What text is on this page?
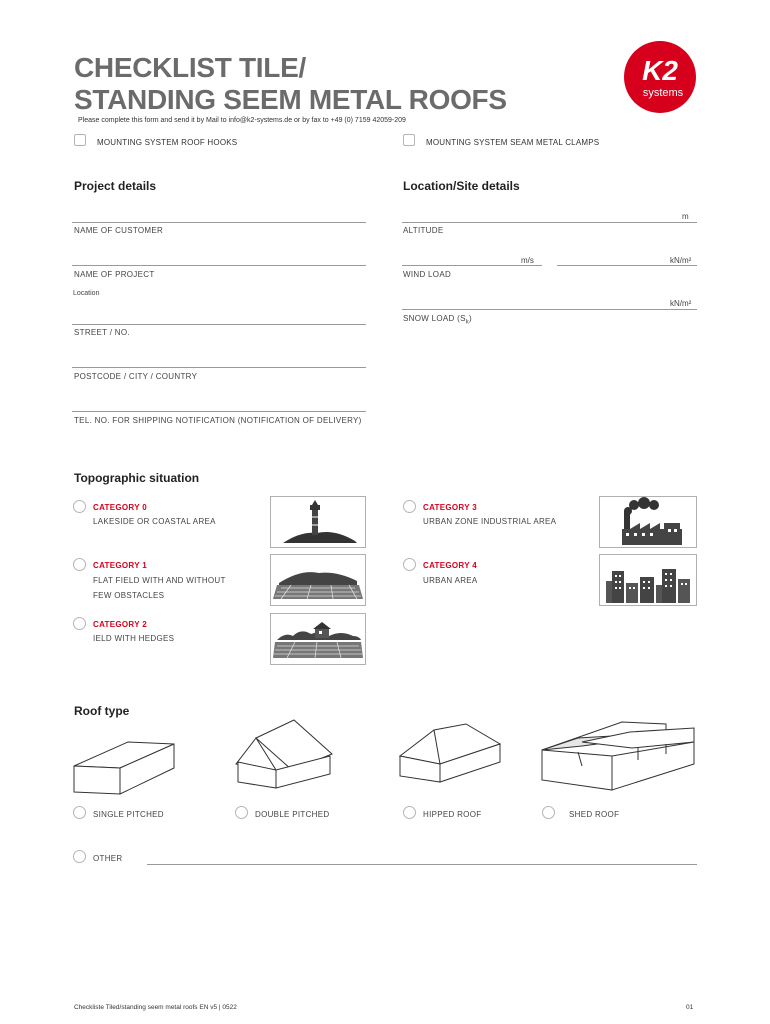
CHECKLIST TILE/
STANDING SEEM METAL ROOFS
Please complete this form and send it by Mail to info@k2-systems.de or by fax to +49 (0) 7159 42059-209
K2
systems
MOUNTING SYSTEM ROOF HOOKS	MOUNTING SYSTEM SEAM METAL CLAMPS
Project details
NAME OF CUSTOMER
NAME OF PROJECT
Location
STREET / NO.
POSTCODE / CITY / COUNTRY
TEL. NO. FOR SHIPPING NOTIFICATION (NOTIFICATION OF DELIVERY)
Location/Site details
m
ALTITUDE
m/s	kN/m²
WIND LOAD
kN/m²
SNOW LOAD $(S_k)$
Topographic situation
CATEGORY 0
LAKESIDE OR COASTAL AREA
CATEGORY 1
FLAT FIELD WITH AND WITHOUT
FEW OBSTACLES
CATEGORY 2
IELD WITH HEDGES
CATEGORY 3
URBAN ZONE INDUSTRIAL AREA
CATEGORY 4
URBAN AREA
Roof type
SINGLE PITCHED	DOUBLE PITCHED	HIPPED ROOF	SHED ROOF
OTHER
Checkliste Tiled/standing seem metal roofs EN v5 | 0522	01
